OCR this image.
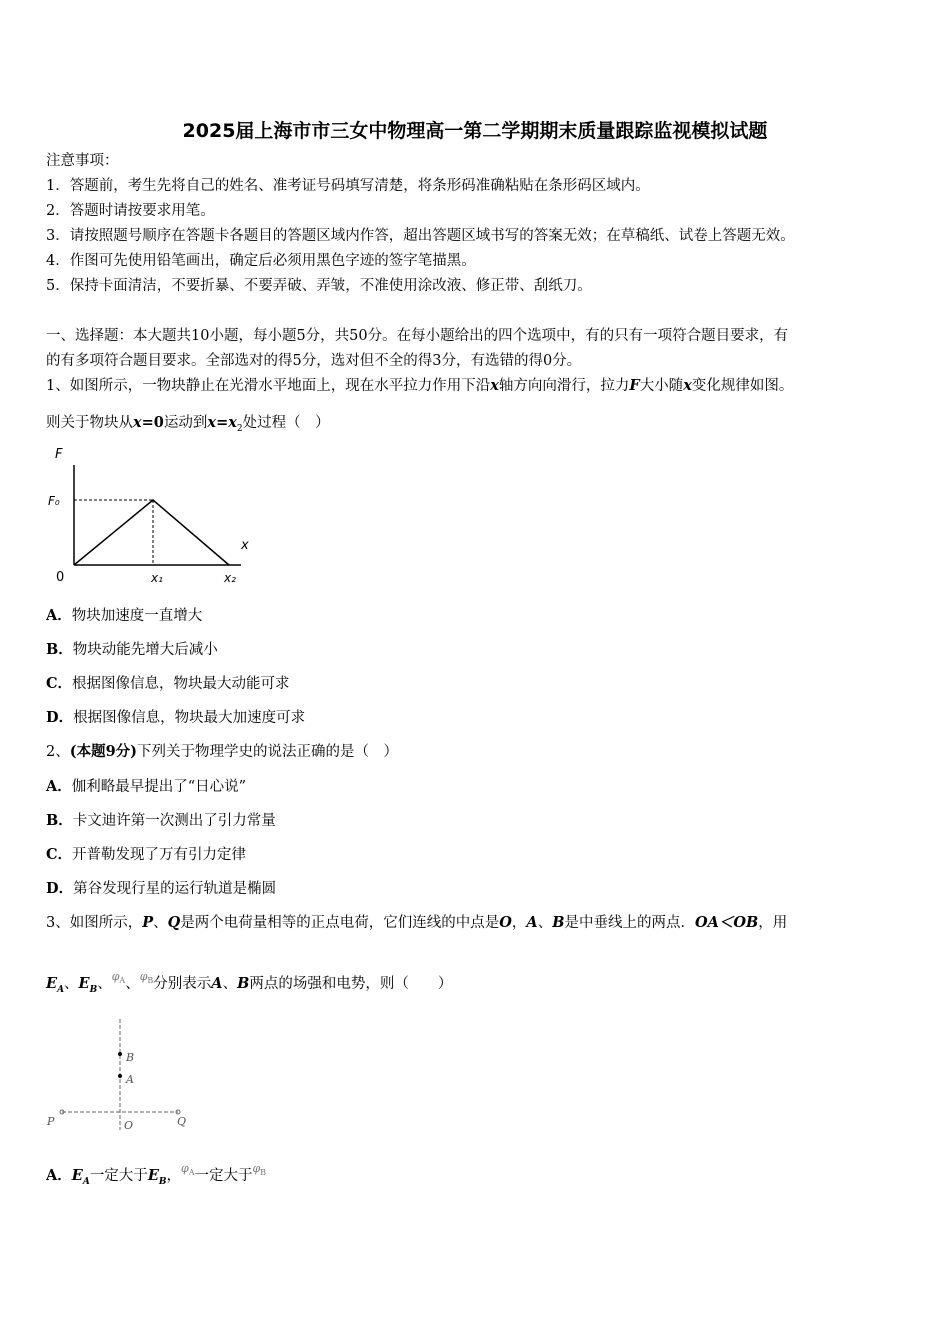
2025届上海市市三女中物理高一第二学期期末质量跟踪监视模拟试题
注意事项：
1．答题前，考生先将自己的姓名、准考证号码填写清楚，将条形码准确粘贴在条形码区域内。
2．答题时请按要求用笔。
3．请按照题号顺序在答题卡各题目的答题区域内作答，超出答题区域书写的答案无效；在草稿纸、试卷上答题无效。
4．作图可先使用铅笔画出，确定后必须用黑色字迹的签字笔描黑。
5．保持卡面清洁，不要折暴、不要弄破、弄皱，不准使用涂改液、修正带、刮纸刀。
一、选择题：本大题共10小题，每小题5分，共50分。在每小题给出的四个选项中，有的只有一项符合题目要求，有
的有多项符合题目要求。全部选对的得5分，选对但不全的得3分，有选错的得0分。
1、如图所示，一物块静止在光滑水平地面上，现在水平拉力作用下沿x轴方向向滑行，拉力F大小随x变化规律如图。
则关于物块从x=0运动到$x=x_2$处过程（　）
F
F₀
x
0	x₁	x₂
A．物块加速度一直增大
B．物块动能先增大后减小
C．根据图像信息，物块最大动能可求
D．根据图像信息，物块最大加速度可求
2、(本题9分)下列关于物理学史的说法正确的是（　）
A．伽利略最早提出了“日心说”
B．卡文迪许第一次测出了引力常量
C．开普勒发现了万有引力定律
D．第谷发现行星的运行轨道是椭圆
3、如图所示，P、Q是两个电荷量相等的正点电荷，它们连线的中点是O，A、B是中垂线上的两点．OA＜OB，用
$E_A$、$E_B$、$^{\varphi_A}$、$^{\varphi_B}$分别表示A、B两点的场强和电势，则（　　）
B
A
P	O	Q
A．$E_A$一定大于$E_B$，$^{\varphi_A}$一定大于$^{\varphi_B}$
